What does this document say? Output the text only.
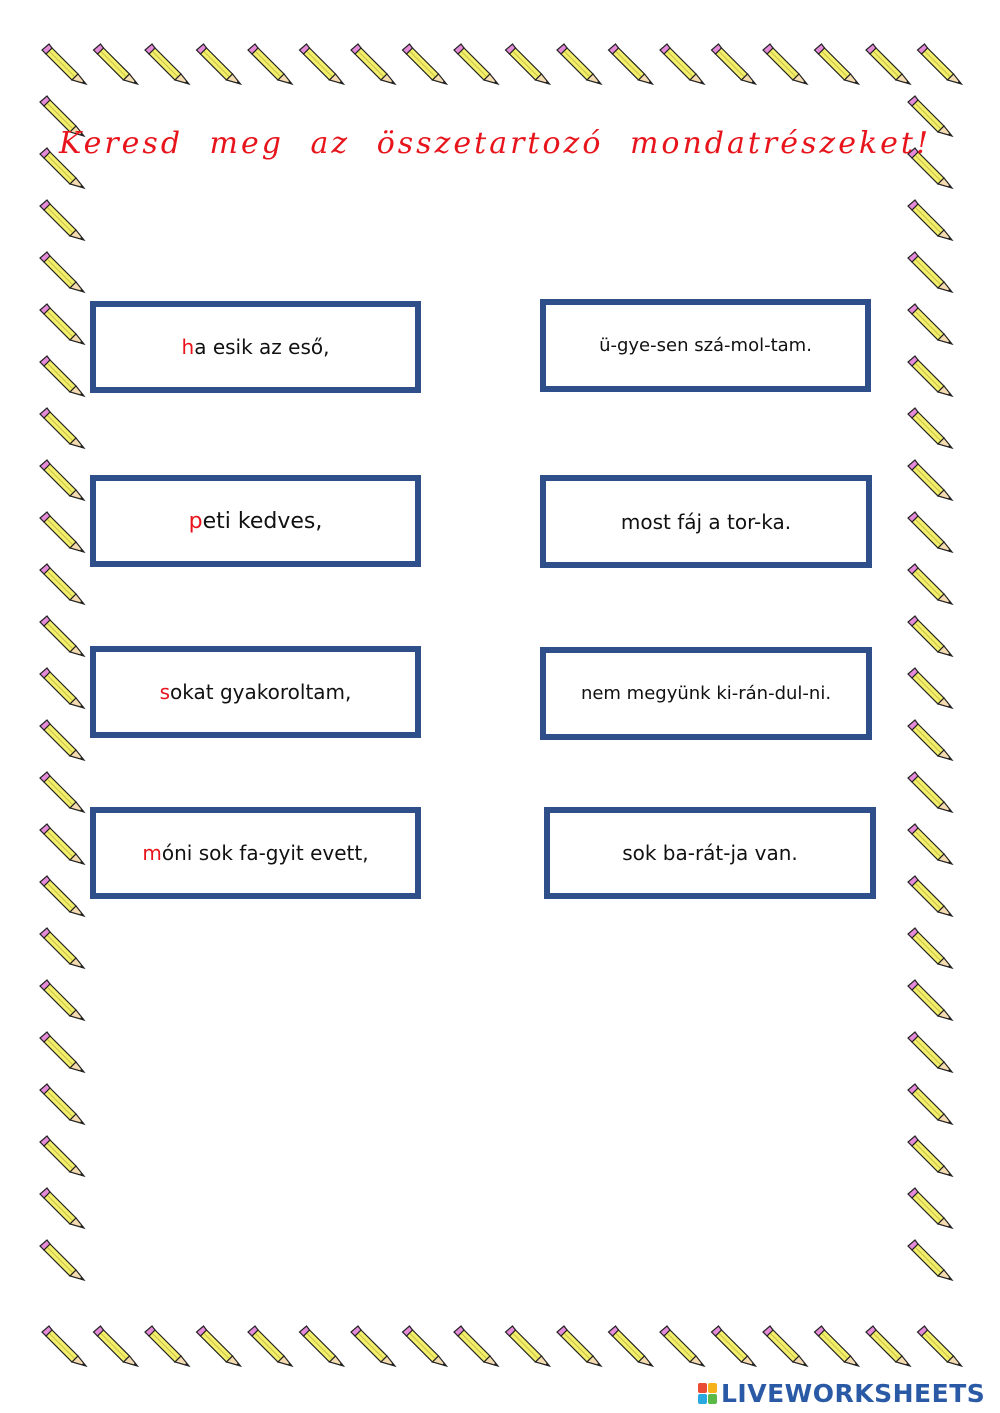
Keresd meg az összetartozó mondatrészeket!
ha esik az eső,
peti kedves,
sokat gyakoroltam,
móni sok fa-gyit evett,
ü-gye-sen szá-mol-tam.
most fáj a tor-ka.
nem megyünk ki-rán-dul-ni.
sok ba-rát-ja van.
LIVEWORKSHEETS
